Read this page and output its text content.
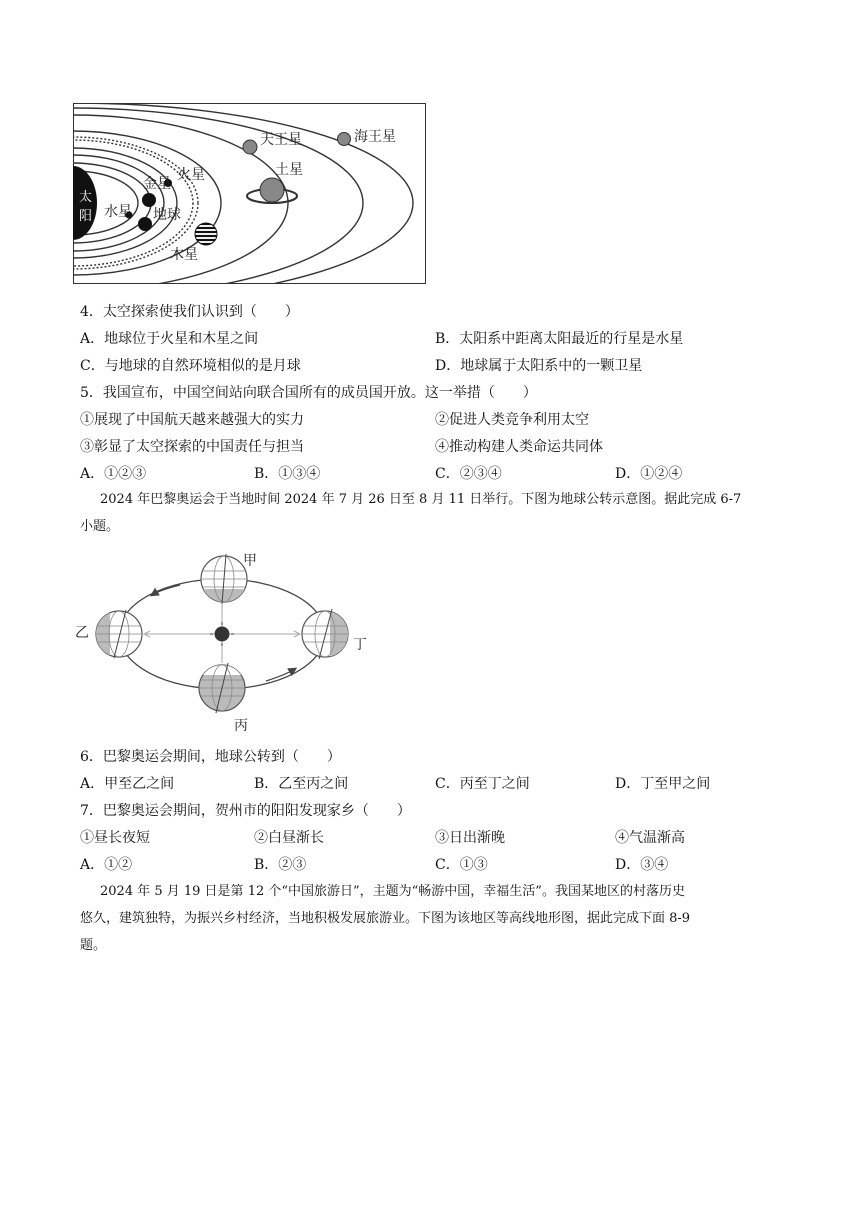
太
阳 水星
金星
地球
火星
木星
土星
天王星	海王星
4．太空探索使我们认识到（　　）
A．地球位于火星和木星之间	B．太阳系中距离太阳最近的行星是水星
C．与地球的自然环境相似的是月球	D．地球属于太阳系中的一颗卫星
5．我国宣布，中国空间站向联合国所有的成员国开放。这一举措（　　）
①展现了中国航天越来越强大的实力	②促进人类竞争利用太空
③彰显了太空探索的中国责任与担当	④推动构建人类命运共同体
A．①②③	B．①③④	C．②③④	D．①②④
2024 年巴黎奥运会于当地时间 2024 年 7 月 26 日至 8 月 11 日举行。下图为地球公转示意图。据此完成 6-7
小题。
甲
乙
丁
丙
6．巴黎奥运会期间，地球公转到（　　）
A．甲至乙之间	B．乙至丙之间	C．丙至丁之间	D．丁至甲之间
7．巴黎奥运会期间，贺州市的阳阳发现家乡（　　）
①昼长夜短	②白昼渐长	③日出渐晚	④气温渐高
A．①②	B．②③	C．①③	D．③④
2024 年 5 月 19 日是第 12 个“中国旅游日”，主题为“畅游中国，幸福生活”。我国某地区的村落历史
悠久，建筑独特，为振兴乡村经济，当地积极发展旅游业。下图为该地区等高线地形图，据此完成下面 8-9
题。
